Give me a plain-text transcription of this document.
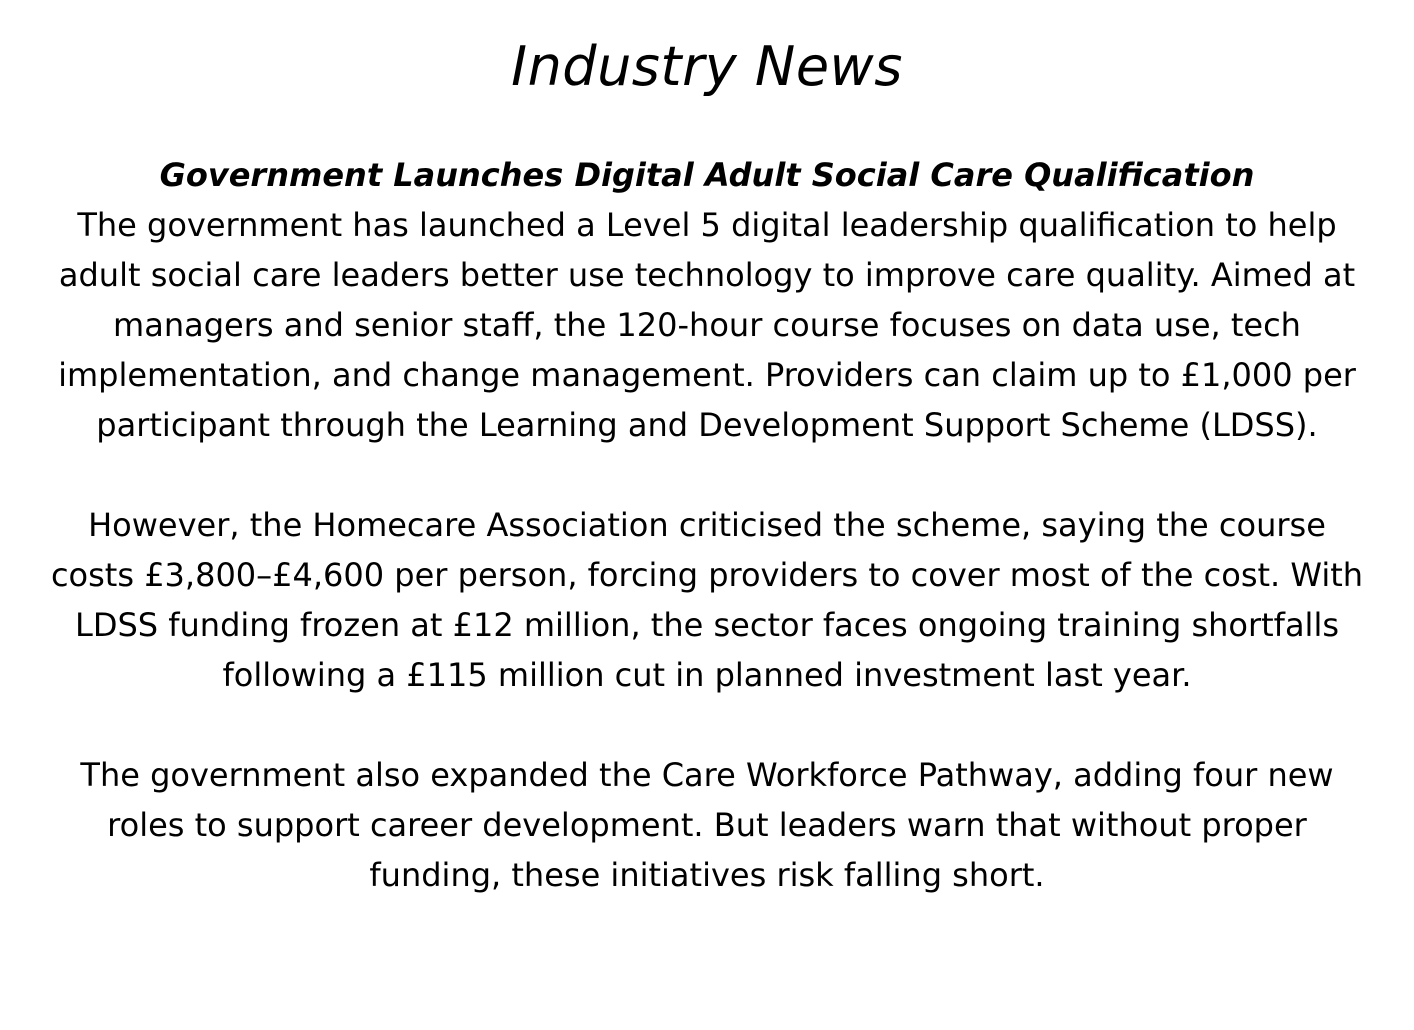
Industry News
Government Launches Digital Adult Social Care Qualification

The government has launched a Level 5 digital leadership qualification to help adult social care leaders better use technology to improve care quality. Aimed at managers and senior staff, the 120-hour course focuses on data use, tech implementation, and change management. Providers can claim up to £1,000 per participant through the Learning and Development Support Scheme (LDSS).

However, the Homecare Association criticised the scheme, saying the course costs £3,800–£4,600 per person, forcing providers to cover most of the cost. With LDSS funding frozen at £12 million, the sector faces ongoing training shortfalls following a £115 million cut in planned investment last year.

The government also expanded the Care Workforce Pathway, adding four new roles to support career development. But leaders warn that without proper funding, these initiatives risk falling short.
